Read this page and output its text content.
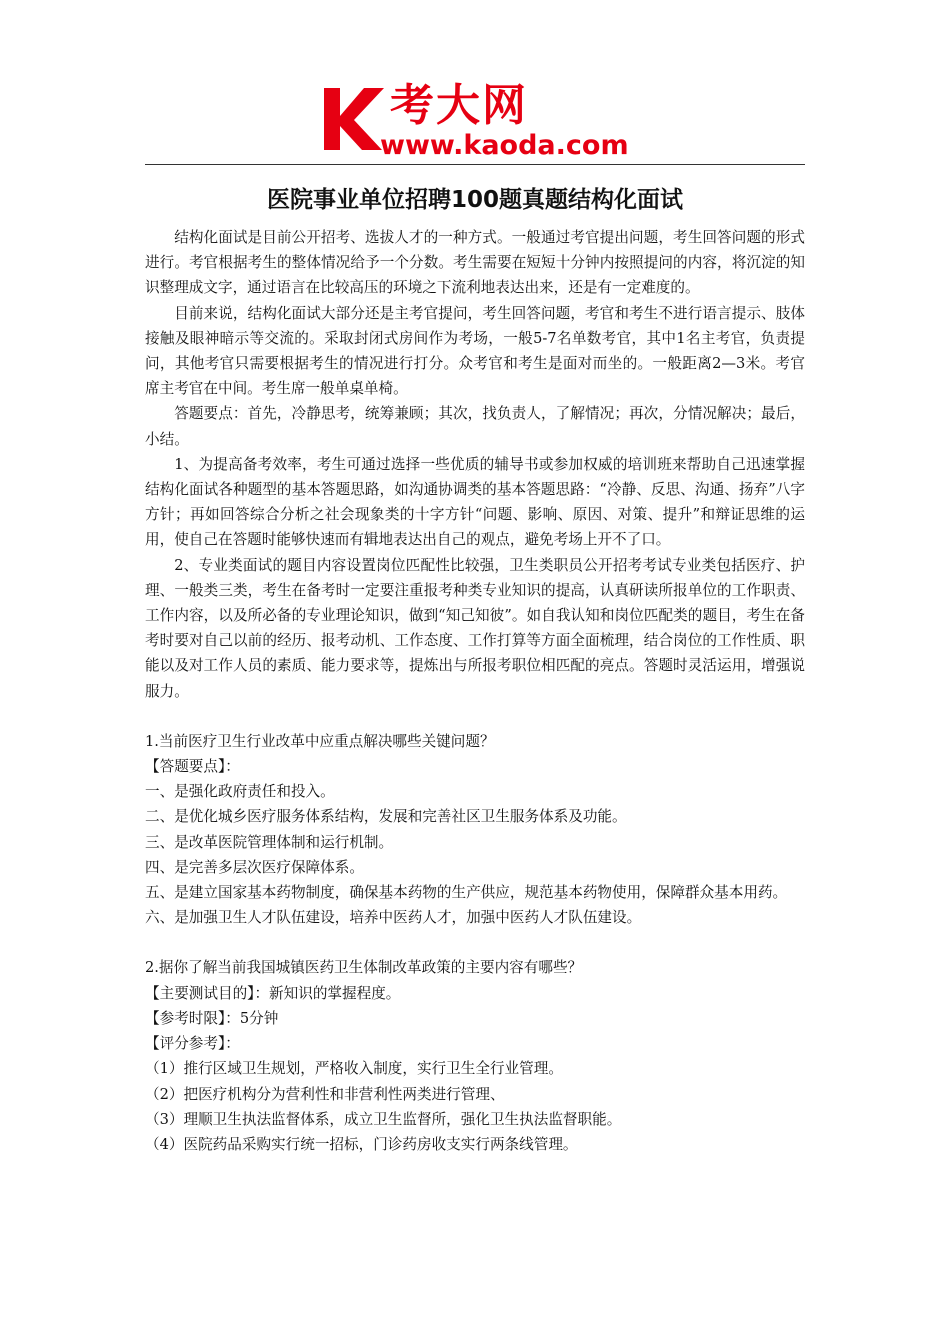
考大网
www.kaoda.com
医院事业单位招聘100题真题结构化面试

结构化面试是目前公开招考、选拔人才的一种方式。一般通过考官提出问题，考生回答问题的形式进行。考官根据考生的整体情况给予一个分数。考生需要在短短十分钟内按照提问的内容，将沉淀的知识整理成文字，通过语言在比较高压的环境之下流利地表达出来，还是有一定难度的。

目前来说，结构化面试大部分还是主考官提问，考生回答问题，考官和考生不进行语言提示、肢体接触及眼神暗示等交流的。采取封闭式房间作为考场，一般5-7名单数考官，其中1名主考官，负责提问，其他考官只需要根据考生的情况进行打分。众考官和考生是面对而坐的。一般距离2—3米。考官席主考官在中间。考生席一般单桌单椅。

答题要点：首先，冷静思考，统筹兼顾；其次，找负责人，了解情况；再次，分情况解决；最后，小结。

1、为提高备考效率，考生可通过选择一些优质的辅导书或参加权威的培训班来帮助自己迅速掌握结构化面试各种题型的基本答题思路，如沟通协调类的基本答题思路：“冷静、反思、沟通、扬弃”八字方针；再如回答综合分析之社会现象类的十字方针“问题、影响、原因、对策、提升”和辩证思维的运用，使自己在答题时能够快速而有辑地表达出自己的观点，避免考场上开不了口。

2、专业类面试的题目内容设置岗位匹配性比较强，卫生类职员公开招考考试专业类包括医疗、护理、一般类三类，考生在备考时一定要注重报考种类专业知识的提高，认真研读所报单位的工作职责、工作内容，以及所必备的专业理论知识，做到“知己知彼”。如自我认知和岗位匹配类的题目，考生在备考时要对自己以前的经历、报考动机、工作态度、工作打算等方面全面梳理，结合岗位的工作性质、职能以及对工作人员的素质、能力要求等，提炼出与所报考职位相匹配的亮点。答题时灵活运用，增强说服力。

1.当前医疗卫生行业改革中应重点解决哪些关键问题？

【答题要点】：

一、是强化政府责任和投入。

二、是优化城乡医疗服务体系结构，发展和完善社区卫生服务体系及功能。

三、是改革医院管理体制和运行机制。

四、是完善多层次医疗保障体系。

五、是建立国家基本药物制度，确保基本药物的生产供应，规范基本药物使用，保障群众基本用药。

六、是加强卫生人才队伍建设，培养中医药人才，加强中医药人才队伍建设。

2.据你了解当前我国城镇医药卫生体制改革政策的主要内容有哪些？

【主要测试目的】：新知识的掌握程度。

【参考时限】：5分钟

【评分参考】：

（1）推行区域卫生规划，严格收入制度，实行卫生全行业管理。

（2）把医疗机构分为营利性和非营利性两类进行管理、

（3）理顺卫生执法监督体系，成立卫生监督所，强化卫生执法监督职能。

（4）医院药品采购实行统一招标，门诊药房收支实行两条线管理。
